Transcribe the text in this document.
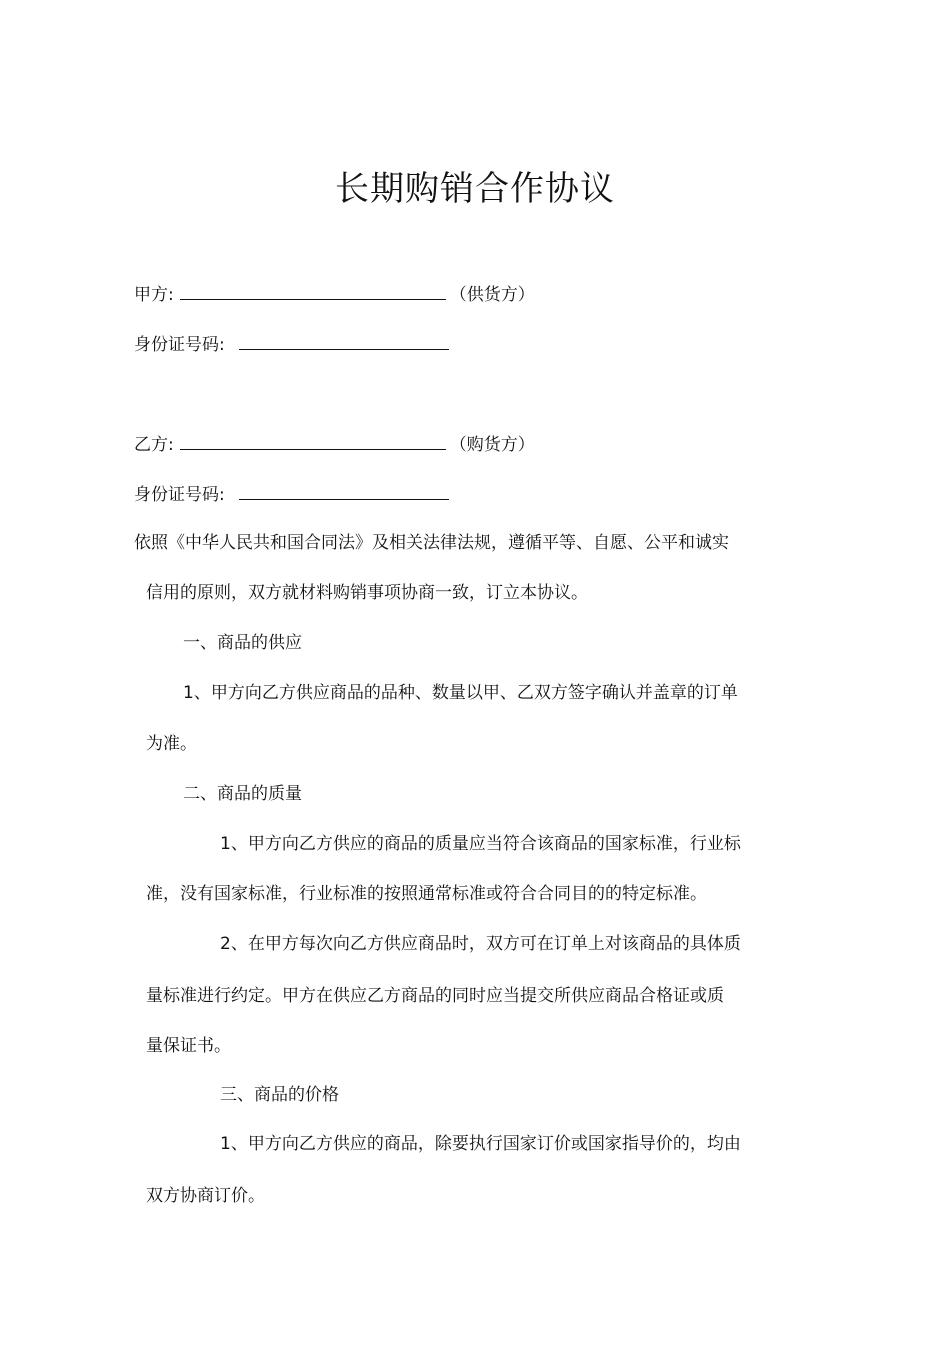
长期购销合作协议
甲方:	（供货方）
身份证号码:
乙方:	（购货方）
身份证号码:
依照《中华人民共和国合同法》及相关法律法规，遵循平等、自愿、公平和诚实
信用的原则，双方就材料购销事项协商一致，订立本协议。
一、商品的供应
1、甲方向乙方供应商品的品种、数量以甲、乙双方签字确认并盖章的订单
为准。
二、商品的质量
1、甲方向乙方供应的商品的质量应当符合该商品的国家标准，行业标
准，没有国家标准，行业标准的按照通常标准或符合合同目的的特定标准。
2、在甲方每次向乙方供应商品时，双方可在订单上对该商品的具体质
量标准进行约定。甲方在供应乙方商品的同时应当提交所供应商品合格证或质
量保证书。
三、商品的价格
1、甲方向乙方供应的商品，除要执行国家订价或国家指导价的，均由
双方协商订价。
